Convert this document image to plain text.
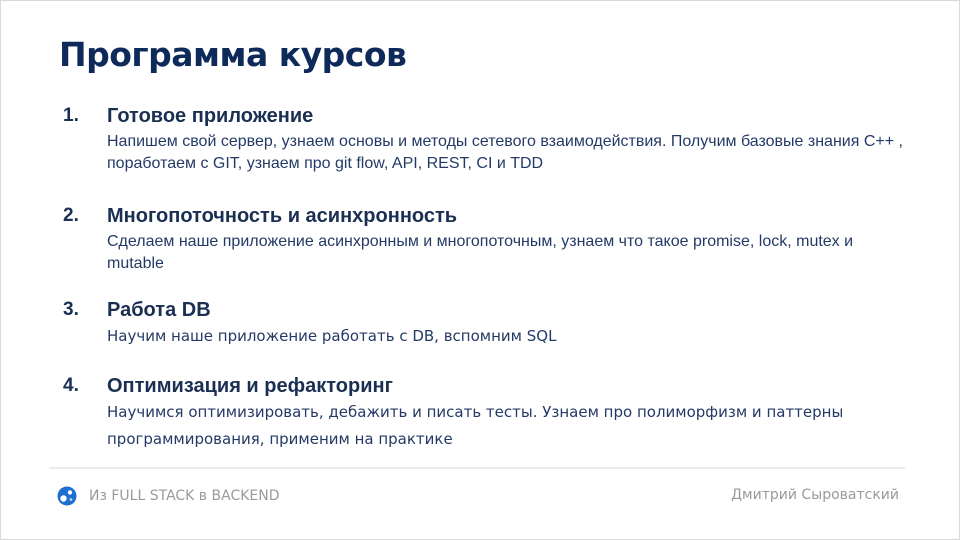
Программа курсов
1. Готовое приложение
Напишем свой сервер, узнаем основы и методы сетевого взаимодействия. Получим базовые знания C++ , поработаем с GIT, узнаем про git flow, API, REST, CI и TDD
2. Многопоточность и асинхронность
Сделаем наше приложение асинхронным и многопоточным, узнаем что такое promise, lock, mutex и mutable
3. Работа DB
Научим наше приложение работать с DB, вспомним SQL
4. Оптимизация и рефакторинг
Научимся оптимизировать, дебажить и писать тесты. Узнаем про полиморфизм и паттерны программирования, применим на практике
Из FULL STACK в BACKEND	Дмитрий Сыроватский
